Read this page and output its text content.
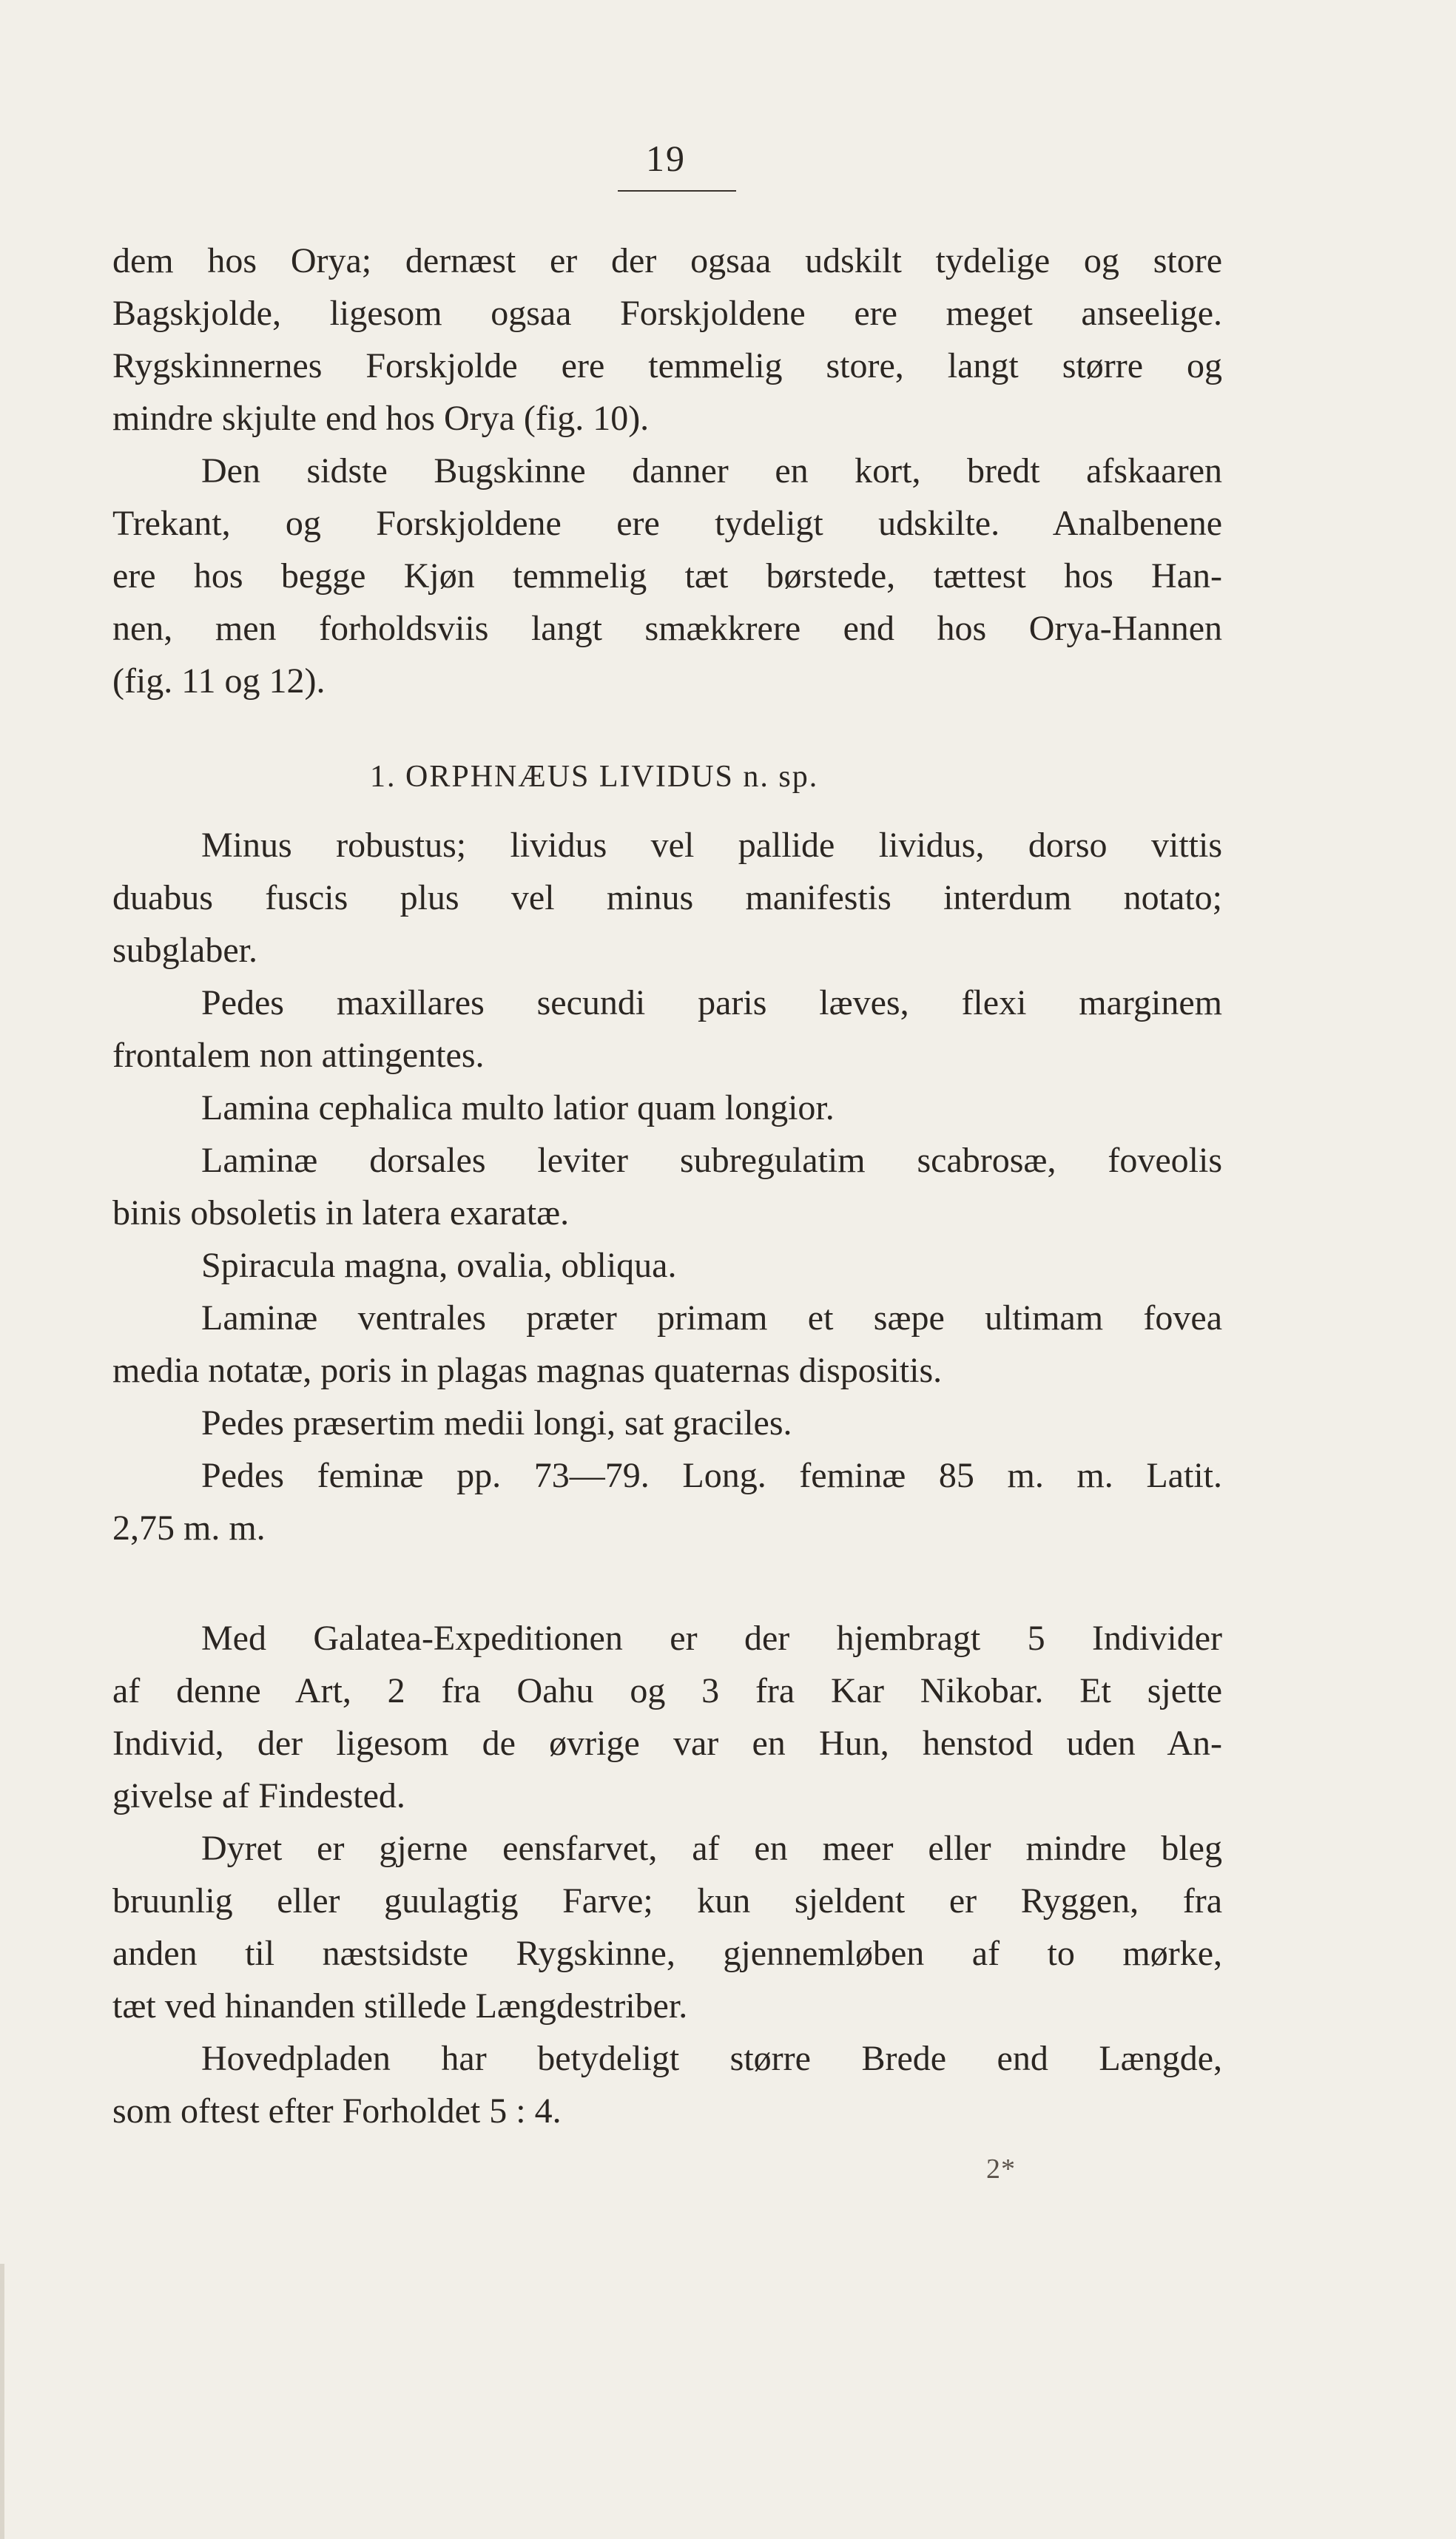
19
dem hos Orya; dernæst er der ogsaa udskilt tydelige og store
Bagskjolde, ligesom ogsaa Forskjoldene ere meget anseelige.
Rygskinnernes Forskjolde ere temmelig store, langt større og
mindre skjulte end hos Orya (fig. 10).
Den sidste Bugskinne danner en kort, bredt afskaaren
Trekant, og Forskjoldene ere tydeligt udskilte. Analbenene
ere hos begge Kjøn temmelig tæt børstede, tættest hos Han-
nen, men forholdsviis langt smækkrere end hos Orya-Hannen
(fig. 11 og 12).
1. ORPHNÆUS LIVIDUS n. sp.
Minus robustus; lividus vel pallide lividus, dorso vittis
duabus fuscis plus vel minus manifestis interdum notato;
subglaber.
Pedes maxillares secundi paris læves, flexi marginem
frontalem non attingentes.
Lamina cephalica multo latior quam longior.
Laminæ dorsales leviter subregulatim scabrosæ, foveolis
binis obsoletis in latera exaratæ.
Spiracula magna, ovalia, obliqua.
Laminæ ventrales præter primam et sæpe ultimam fovea
media notatæ, poris in plagas magnas quaternas dispositis.
Pedes præsertim medii longi, sat graciles.
Pedes feminæ pp. 73—79. Long. feminæ 85 m. m. Latit.
2,75 m. m.
Med Galatea-Expeditionen er der hjembragt 5 Individer
af denne Art, 2 fra Oahu og 3 fra Kar Nikobar. Et sjette
Individ, der ligesom de øvrige var en Hun, henstod uden An-
givelse af Findested.
Dyret er gjerne eensfarvet, af en meer eller mindre bleg
bruunlig eller guulagtig Farve; kun sjeldent er Ryggen, fra
anden til næstsidste Rygskinne, gjennemløben af to mørke,
tæt ved hinanden stillede Længdestriber.
Hovedpladen har betydeligt større Brede end Længde,
som oftest efter Forholdet 5 : 4.
2*
